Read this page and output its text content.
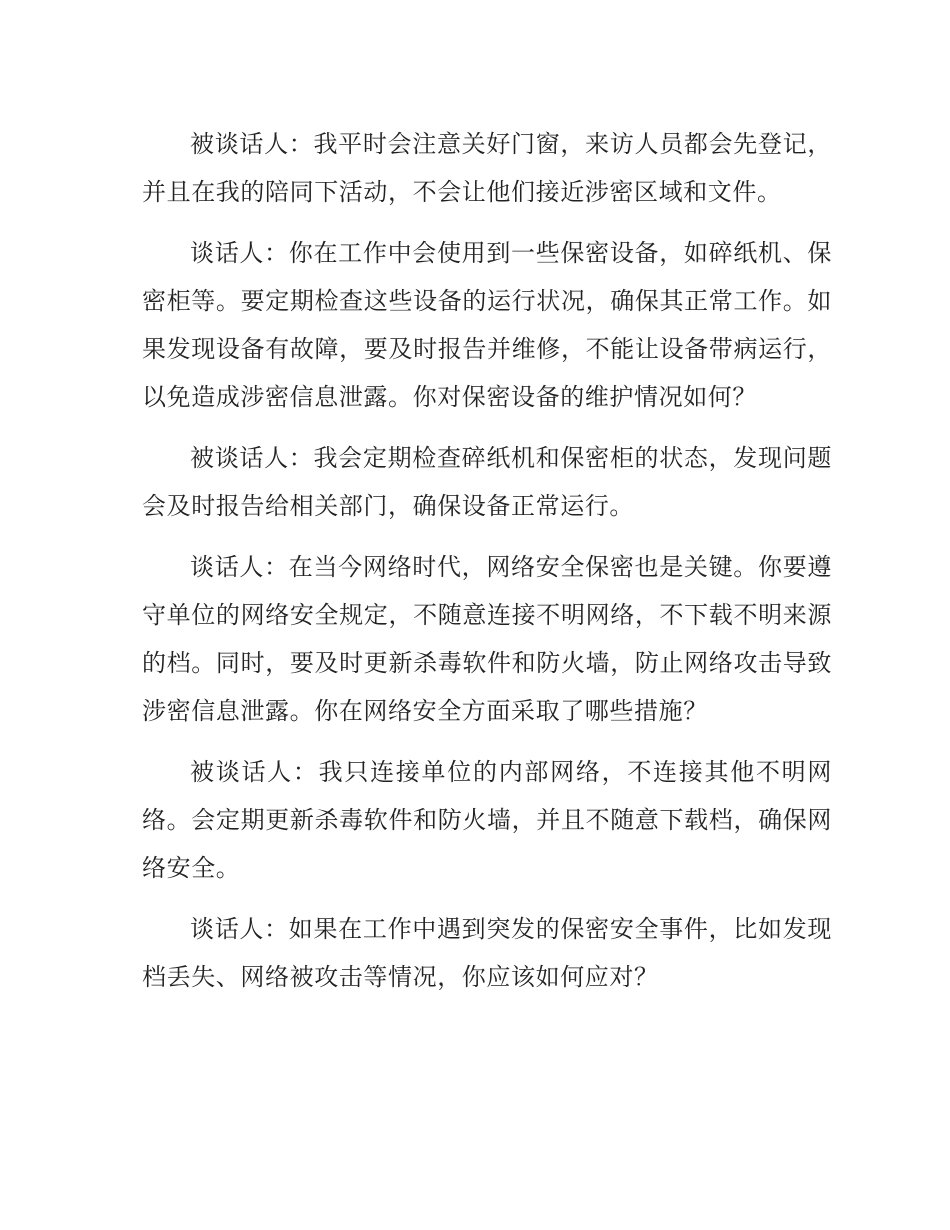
被谈话人：我平时会注意关好门窗，来访人员都会先登记，并且在我的陪同下活动，不会让他们接近涉密区域和文件。

谈话人：你在工作中会使用到一些保密设备，如碎纸机、保密柜等。要定期检查这些设备的运行状况，确保其正常工作。如果发现设备有故障，要及时报告并维修，不能让设备带病运行，以免造成涉密信息泄露。你对保密设备的维护情况如何？

被谈话人：我会定期检查碎纸机和保密柜的状态，发现问题会及时报告给相关部门，确保设备正常运行。

谈话人：在当今网络时代，网络安全保密也是关键。你要遵守单位的网络安全规定，不随意连接不明网络，不下载不明来源的档。同时，要及时更新杀毒软件和防火墙，防止网络攻击导致涉密信息泄露。你在网络安全方面采取了哪些措施？

被谈话人：我只连接单位的内部网络，不连接其他不明网络。会定期更新杀毒软件和防火墙，并且不随意下载档，确保网络安全。

谈话人：如果在工作中遇到突发的保密安全事件，比如发现档丢失、网络被攻击等情况，你应该如何应对？
